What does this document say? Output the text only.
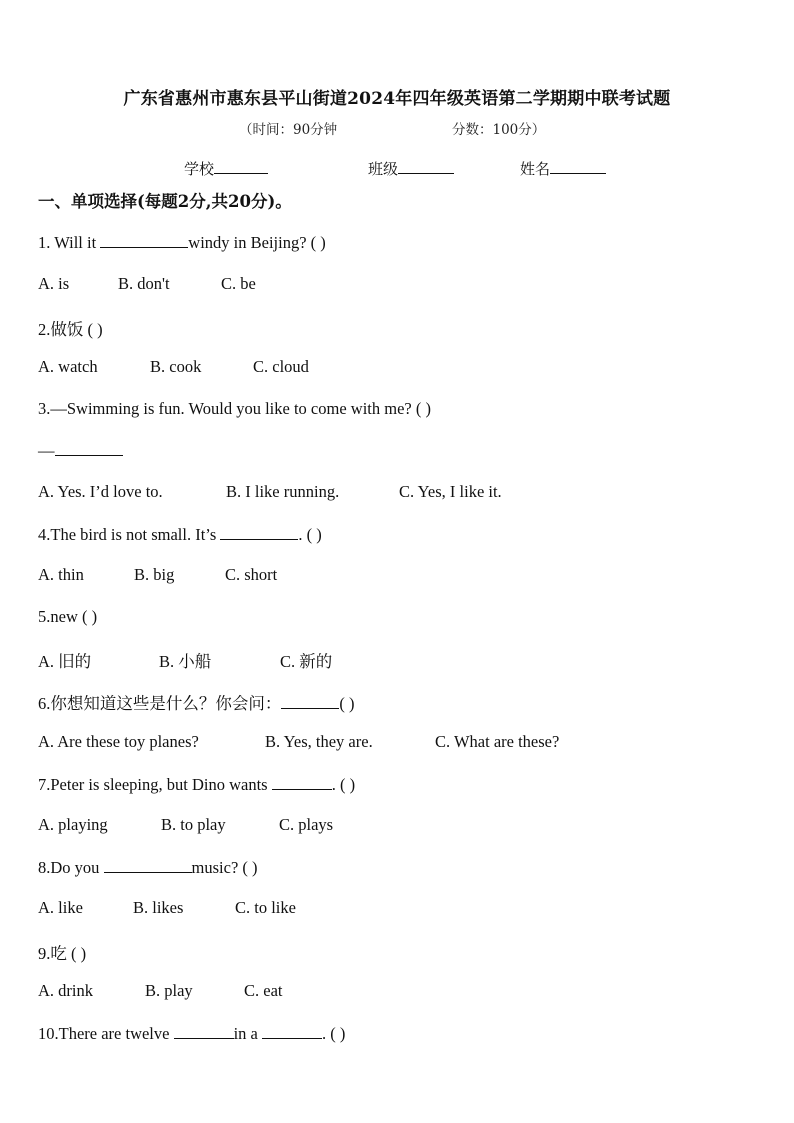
广东省惠州市惠东县平山街道2024年四年级英语第二学期期中联考试题
（时间：90分钟	分数：100分）
学校	班级	姓名
一、单项选择(每题2分,共20分)。
1. Will it	windy in Beijing? ( )
A. is	B. don't	C. be
2.做饭 ( )
A. watch	B. cook	C. cloud
3.—Swimming is fun. Would you like to come with me? ( )
—
A. Yes. I’d love to.	B. I like running.	C. Yes, I like it.
4.The bird is not small. It’s	. ( )
A. thin	B. big	C. short
5.new ( )
A. 旧的	B. 小船	C. 新的
6.你想知道这些是什么？你会问：	( )
A. Are these toy planes?	B. Yes, they are.	C. What are these?
7.Peter is sleeping, but Dino wants	. ( )
A. playing	B. to play	C. plays
8.Do you	music? ( )
A. like	B. likes	C. to like
9.吃 ( )
A. drink	B. play	C. eat
10.There are twelve	in a	. ( )
